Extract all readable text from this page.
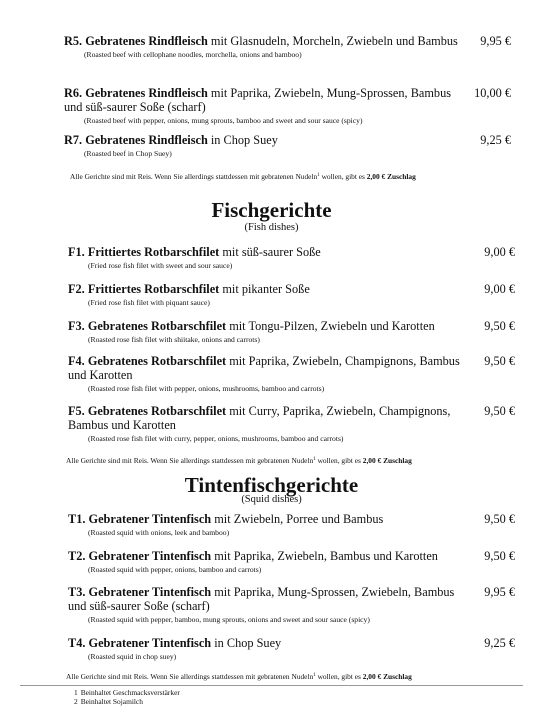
R5. Gebratenes Rindfleisch mit Glasnudeln, Morcheln, Zwiebeln und Bambus 9,95 €
(Roasted beef with cellophane noodles, morchella, onions and bamboo)
R6. Gebratenes Rindfleisch mit Paprika, Zwiebeln, Mung-Sprossen, Bambus und süß-saurer Soße (scharf)
10,00 €
(Roasted beef with pepper, onions, mung sprouts, bamboo and sweet and sour sauce (spicy)
R7. Gebratenes Rindfleisch in Chop Suey	9,25 €
(Roasted beef in Chop Suey)
Alle Gerichte sind mit Reis. Wenn Sie allerdings stattdessen mit gebratenen Nudeln$^1$ wollen, gibt es 2,00 € Zuschlag
Fischgerichte
(Fish dishes)
F1. Frittiertes Rotbarschfilet mit süß-saurer Soße	9,00 €
(Fried rose fish filet with sweet and sour sauce)
F2. Frittiertes Rotbarschfilet mit pikanter Soße	9,00 €
(Fried rose fish filet with piquant sauce)
F3. Gebratenes Rotbarschfilet mit Tongu-Pilzen, Zwiebeln und Karotten	9,50 €
(Roasted rose fish filet with shiitake, onions and carrots)
F4. Gebratenes Rotbarschfilet mit Paprika, Zwiebeln, Champignons, Bambus und Karotten
9,50 €
(Roasted rose fish filet with pepper, onions, mushrooms, bamboo and carrots)
F5. Gebratenes Rotbarschfilet mit Curry, Paprika, Zwiebeln, Champignons, Bambus und Karotten
9,50 €
(Roasted rose fish filet with curry, pepper, onions, mushrooms, bamboo and carrots)
Alle Gerichte sind mit Reis. Wenn Sie allerdings stattdessen mit gebratenen Nudeln$^1$ wollen, gibt es 2,00 € Zuschlag
Tintenfischgerichte
(Squid dishes)
T1. Gebratener Tintenfisch mit Zwiebeln, Porree und Bambus	9,50 €
(Roasted squid with onions, leek and bamboo)
T2. Gebratener Tintenfisch mit Paprika, Zwiebeln, Bambus und Karotten	9,50 €
(Roasted squid with pepper, onions, bamboo and carrots)
T3. Gebratener Tintenfisch mit Paprika, Mung-Sprossen, Zwiebeln, Bambus und süß-saurer Soße (scharf)
9,95 €
(Roasted squid with pepper, bamboo, mung sprouts, onions and sweet and sour sauce (spicy)
T4. Gebratener Tintenfisch in Chop Suey	9,25 €
(Roasted squid in chop suey)
Alle Gerichte sind mit Reis. Wenn Sie allerdings stattdessen mit gebratenen Nudeln$^1$ wollen, gibt es 2,00 € Zuschlag
1 Beinhaltet Geschmacksverstärker
2 Beinhaltet Sojamilch
